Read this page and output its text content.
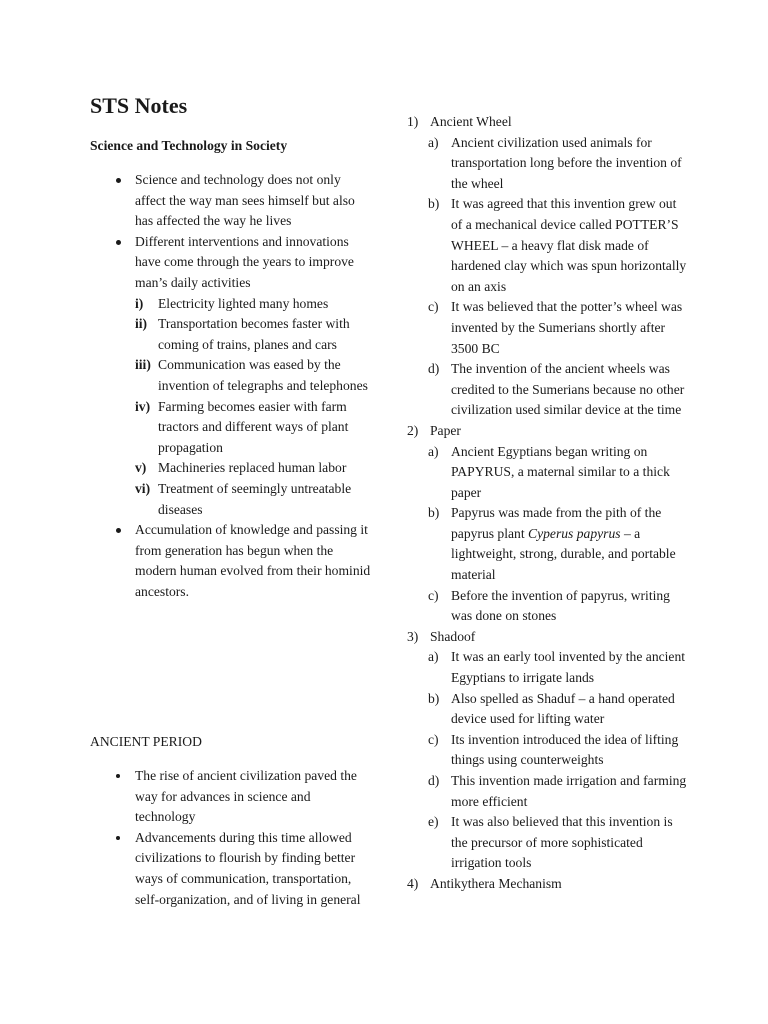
STS Notes
Science and Technology in Society
Science and technology does not only affect the way man sees himself but also has affected the way he lives
Different interventions and innovations have come through the years to improve man’s daily activities
i) Electricity lighted many homes
ii) Transportation becomes faster with coming of trains, planes and cars
iii) Communication was eased by the invention of telegraphs and telephones
iv) Farming becomes easier with farm tractors and different ways of plant propagation
v) Machineries replaced human labor
vi) Treatment of seemingly untreatable diseases
Accumulation of knowledge and passing it from generation has begun when the modern human evolved from their hominid ancestors.
ANCIENT PERIOD
The rise of ancient civilization paved the way for advances in science and technology
Advancements during this time allowed civilizations to flourish by finding better ways of communication, transportation, self-organization, and of living in general
1) Ancient Wheel
a) Ancient civilization used animals for transportation long before the invention of the wheel
b) It was agreed that this invention grew out of a mechanical device called POTTER’S WHEEL – a heavy flat disk made of hardened clay which was spun horizontally on an axis
c) It was believed that the potter’s wheel was invented by the Sumerians shortly after 3500 BC
d) The invention of the ancient wheels was credited to the Sumerians because no other civilization used similar device at the time
2) Paper
a) Ancient Egyptians began writing on PAPYRUS, a maternal similar to a thick paper
b) Papyrus was made from the pith of the papyrus plant Cyperus papyrus – a lightweight, strong, durable, and portable material
c) Before the invention of papyrus, writing was done on stones
3) Shadoof
a) It was an early tool invented by the ancient Egyptians to irrigate lands
b) Also spelled as Shaduf – a hand operated device used for lifting water
c) Its invention introduced the idea of lifting things using counterweights
d) This invention made irrigation and farming more efficient
e) It was also believed that this invention is the precursor of more sophisticated irrigation tools
4) Antikythera Mechanism
